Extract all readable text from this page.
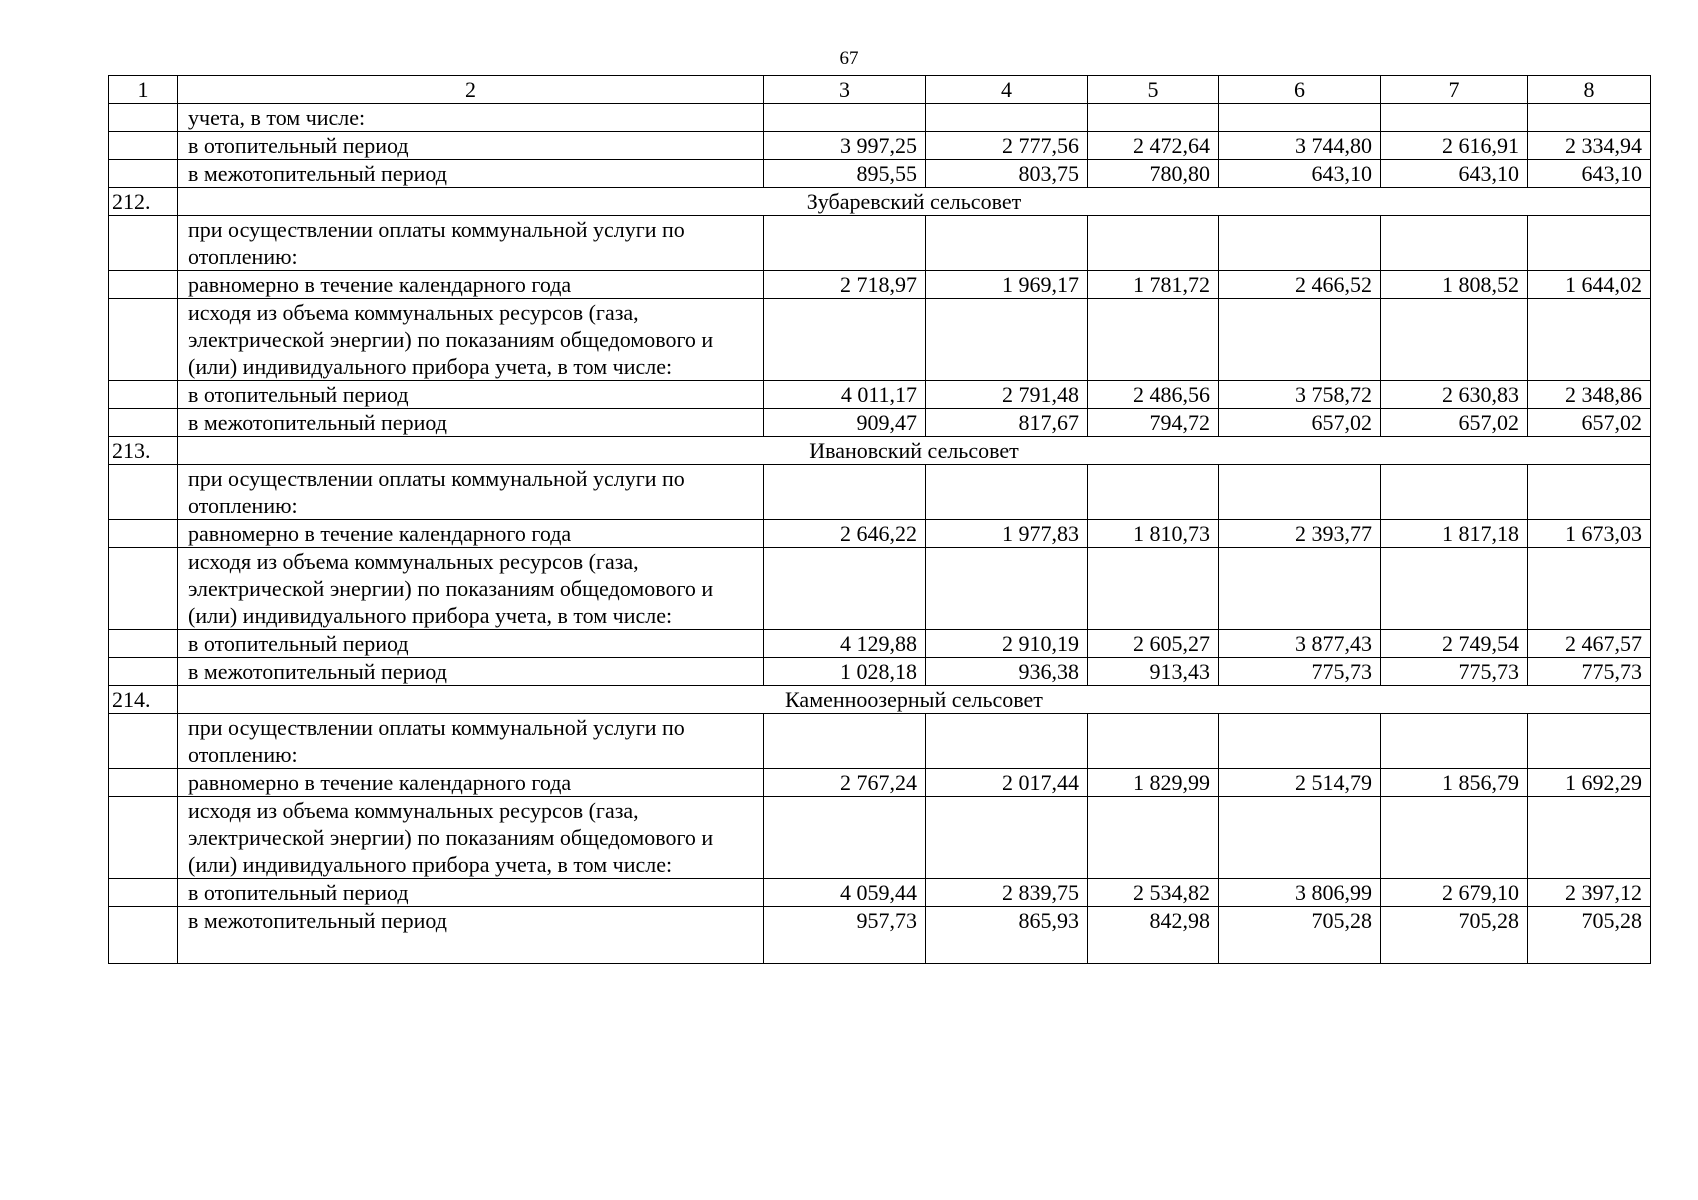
67
1	2	3	4	5	6	7	8
	учета, в том числе:						
	в отопительный период	3 997,25	2 777,56	2 472,64	3 744,80	2 616,91	2 334,94
	в межотопительный период	895,55	803,75	780,80	643,10	643,10	643,10
212.	Зубаревский сельсовет						
	при осуществлении оплаты коммунальной услуги по отоплению:						
	равномерно в течение календарного года	2 718,97	1 969,17	1 781,72	2 466,52	1 808,52	1 644,02
	исходя из объема коммунальных ресурсов (газа, электрической энергии) по показаниям общедомового и (или) индивидуального прибора учета, в том числе:						
	в отопительный период	4 011,17	2 791,48	2 486,56	3 758,72	2 630,83	2 348,86
	в межотопительный период	909,47	817,67	794,72	657,02	657,02	657,02
213.	Ивановский сельсовет						
	при осуществлении оплаты коммунальной услуги по отоплению:						
	равномерно в течение календарного года	2 646,22	1 977,83	1 810,73	2 393,77	1 817,18	1 673,03
	исходя из объема коммунальных ресурсов (газа, электрической энергии) по показаниям общедомового и (или) индивидуального прибора учета, в том числе:						
	в отопительный период	4 129,88	2 910,19	2 605,27	3 877,43	2 749,54	2 467,57
	в межотопительный период	1 028,18	936,38	913,43	775,73	775,73	775,73
214.	Каменноозерный сельсовет						
	при осуществлении оплаты коммунальной услуги по отоплению:						
	равномерно в течение календарного года	2 767,24	2 017,44	1 829,99	2 514,79	1 856,79	1 692,29
	исходя из объема коммунальных ресурсов (газа, электрической энергии) по показаниям общедомового и (или) индивидуального прибора учета, в том числе:						
	в отопительный период	4 059,44	2 839,75	2 534,82	3 806,99	2 679,10	2 397,12
	в межотопительный период	957,73	865,93	842,98	705,28	705,28	705,28
